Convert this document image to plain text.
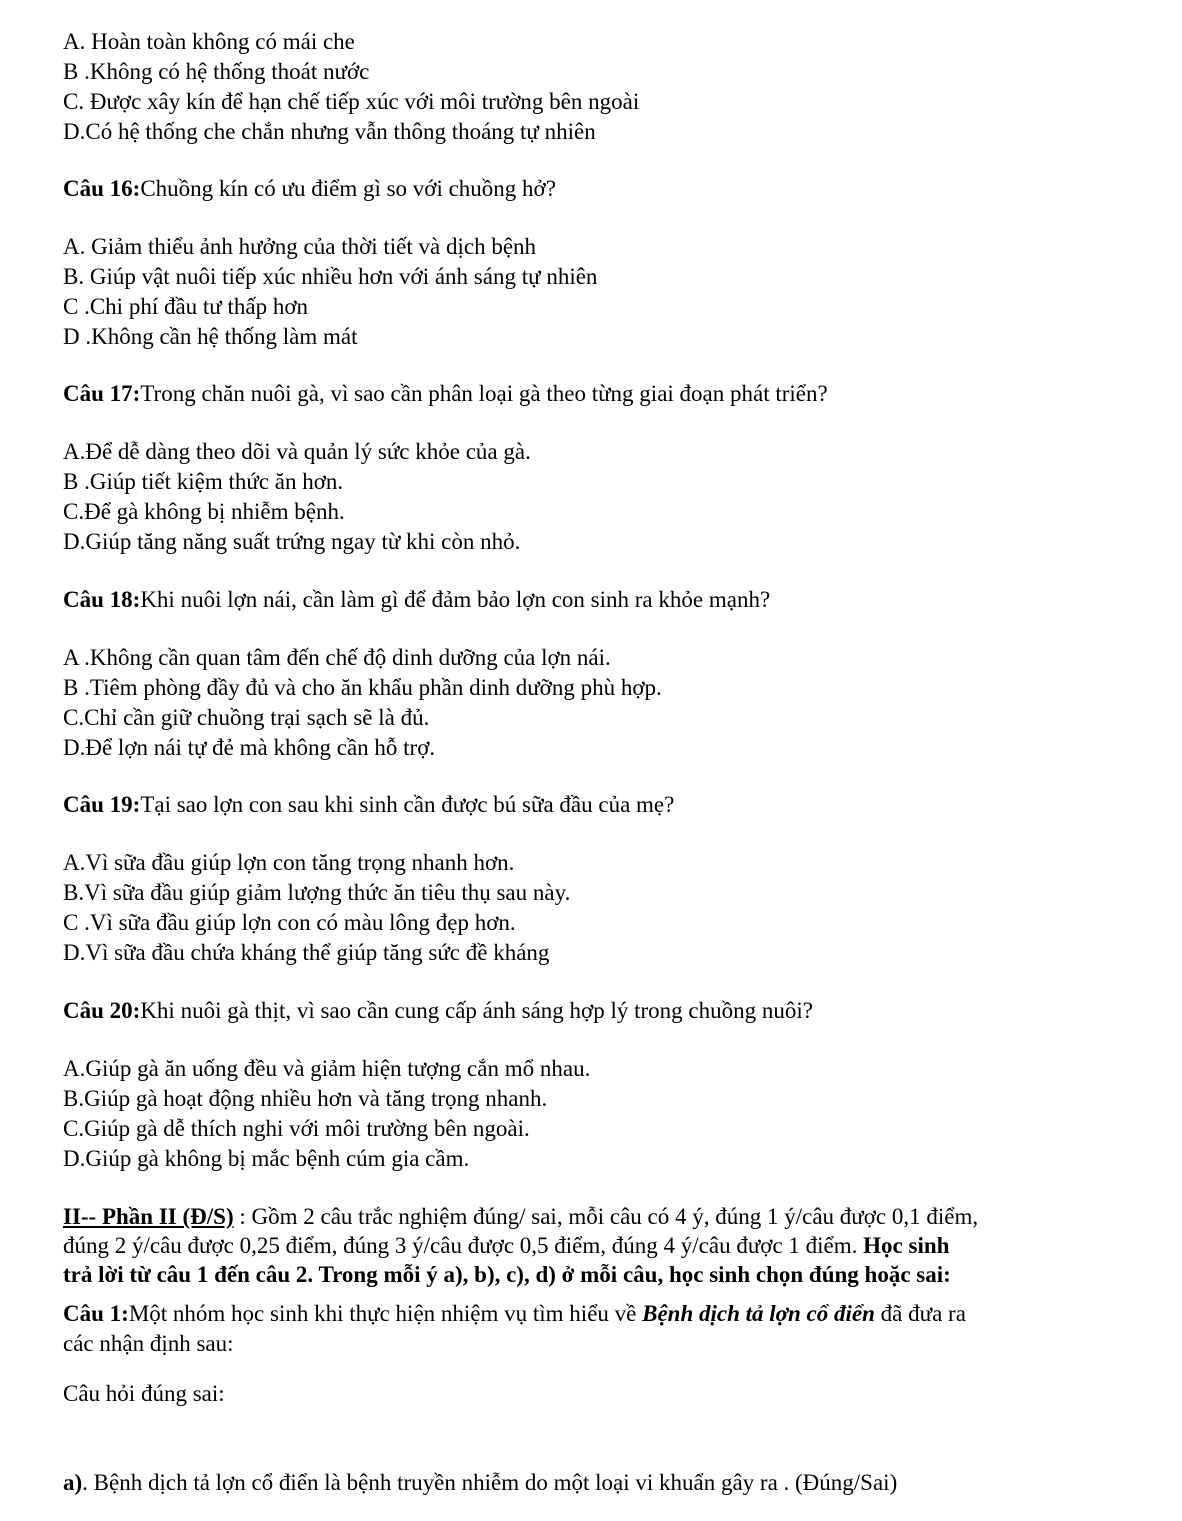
A. Hoàn toàn không có mái che
B .Không có hệ thống thoát nước
C. Được xây kín để hạn chế tiếp xúc với môi trường bên ngoài
D.Có hệ thống che chắn nhưng vẫn thông thoáng tự nhiên
Câu 16:Chuồng kín có ưu điểm gì so với chuồng hở?
A. Giảm thiểu ảnh hưởng của thời tiết và dịch bệnh
B. Giúp vật nuôi tiếp xúc nhiều hơn với ánh sáng tự nhiên
C .Chi phí đầu tư thấp hơn
D .Không cần hệ thống làm mát
Câu 17:Trong chăn nuôi gà, vì sao cần phân loại gà theo từng giai đoạn phát triển?
A.Để dễ dàng theo dõi và quản lý sức khỏe của gà.
B .Giúp tiết kiệm thức ăn hơn.
C.Để gà không bị nhiễm bệnh.
D.Giúp tăng năng suất trứng ngay từ khi còn nhỏ.
Câu 18:Khi nuôi lợn nái, cần làm gì để đảm bảo lợn con sinh ra khỏe mạnh?
A .Không cần quan tâm đến chế độ dinh dưỡng của lợn nái.
B .Tiêm phòng đầy đủ và cho ăn khẩu phần dinh dưỡng phù hợp.
C.Chỉ cần giữ chuồng trại sạch sẽ là đủ.
D.Để lợn nái tự đẻ mà không cần hỗ trợ.
Câu 19:Tại sao lợn con sau khi sinh cần được bú sữa đầu của mẹ?
A.Vì sữa đầu giúp lợn con tăng trọng nhanh hơn.
B.Vì sữa đầu giúp giảm lượng thức ăn tiêu thụ sau này.
C .Vì sữa đầu giúp lợn con có màu lông đẹp hơn.
D.Vì sữa đầu chứa kháng thể giúp tăng sức đề kháng
Câu 20:Khi nuôi gà thịt, vì sao cần cung cấp ánh sáng hợp lý trong chuồng nuôi?
A.Giúp gà ăn uống đều và giảm hiện tượng cắn mổ nhau.
B.Giúp gà hoạt động nhiều hơn và tăng trọng nhanh.
C.Giúp gà dễ thích nghi với môi trường bên ngoài.
D.Giúp gà không bị mắc bệnh cúm gia cầm.
II-- Phần II (Đ/S) : Gồm 2 câu trắc nghiệm đúng/ sai, mỗi câu có 4 ý, đúng 1 ý/câu được 0,1 điểm,
đúng 2 ý/câu được 0,25 điểm, đúng 3 ý/câu được 0,5 điểm, đúng 4 ý/câu được 1 điểm. Học sinh
trả lời từ câu 1 đến câu 2. Trong mỗi ý a), b), c), d) ở mỗi câu, học sinh chọn đúng hoặc sai:
Câu 1:Một nhóm học sinh khi thực hiện nhiệm vụ tìm hiểu về Bệnh dịch tả lợn cổ điển đã đưa ra
các nhận định sau:
Câu hỏi đúng sai:
a). Bệnh dịch tả lợn cổ điển là bệnh truyền nhiễm do một loại vi khuẩn gây ra . (Đúng/Sai)
